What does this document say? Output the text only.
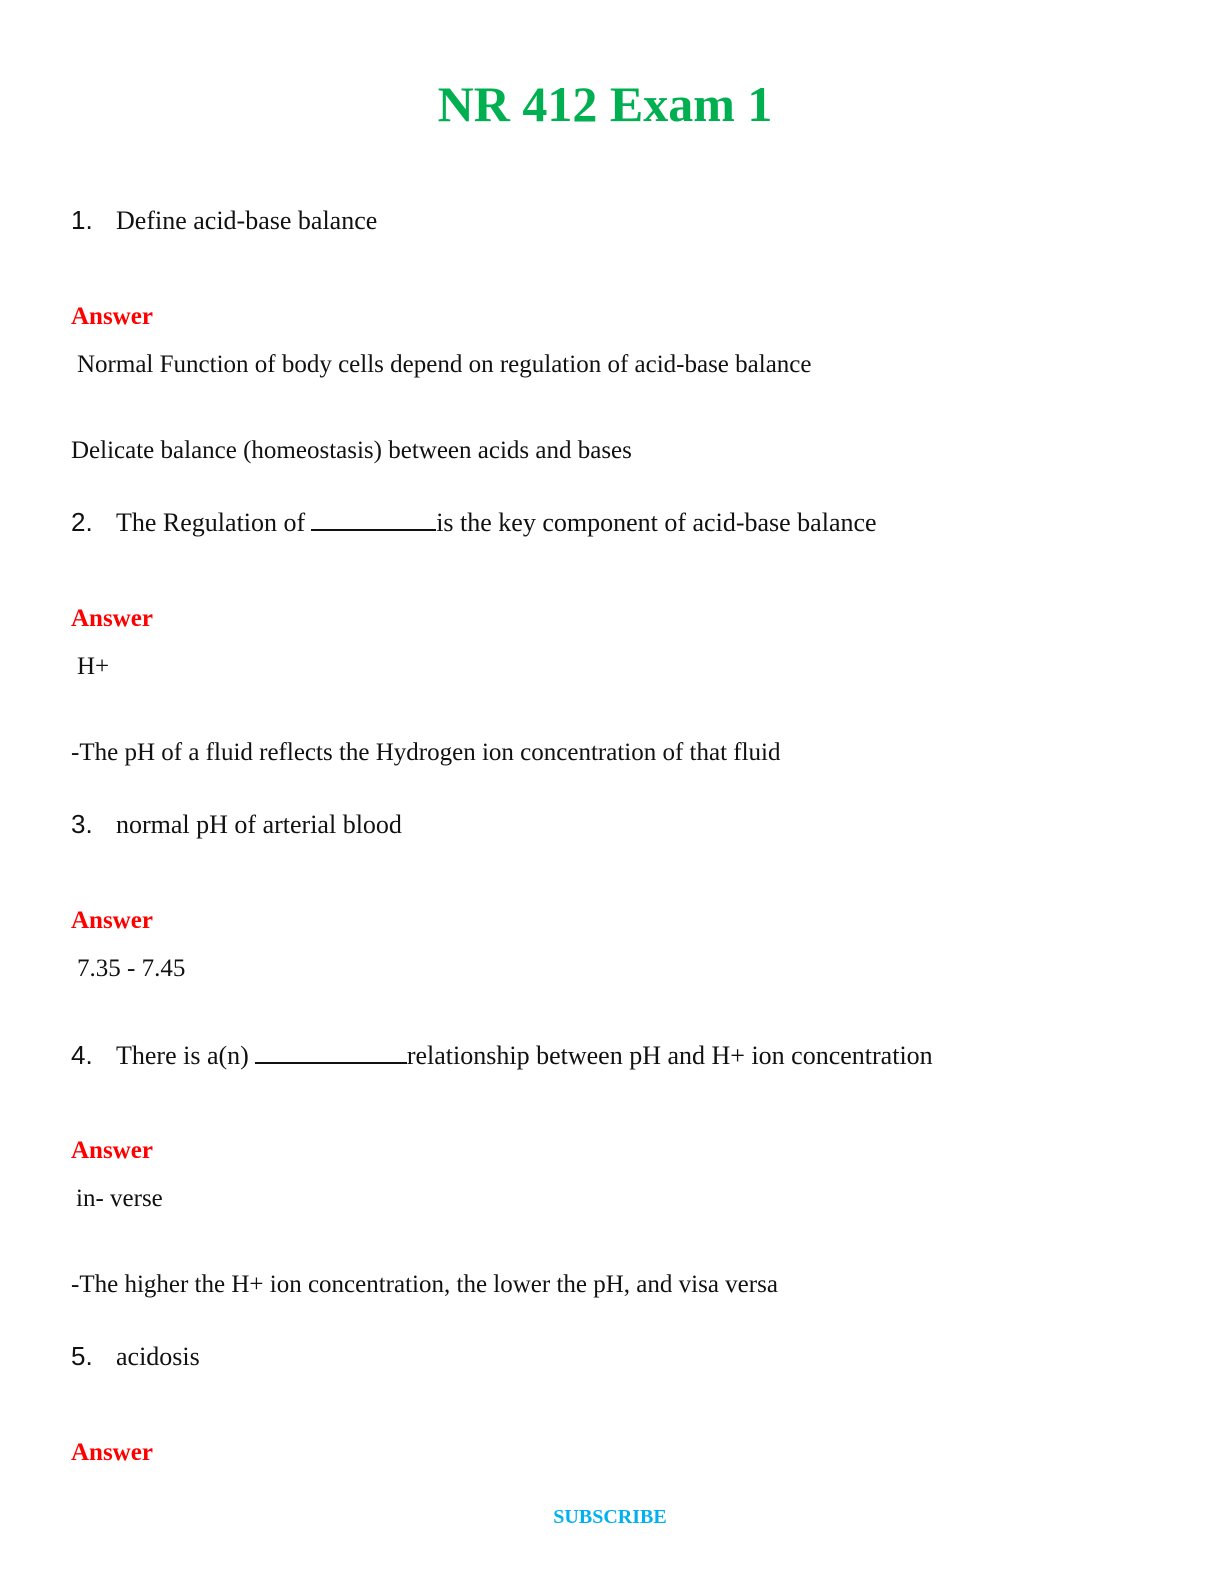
NR 412 Exam 1
1. Define acid-base balance
Answer
Normal Function of body cells depend on regulation of acid-base balance
Delicate balance (homeostasis) between acids and bases
2. The Regulation of	is the key component of acid-base balance
Answer
H+
-The pH of a fluid reflects the Hydrogen ion concentration of that fluid
3. normal pH of arterial blood
Answer
7.35 - 7.45
4. There is a(n)	relationship between pH and H+ ion concentration
Answer
in- verse
-The higher the H+ ion concentration, the lower the pH, and visa versa
5. acidosis
Answer
SUBSCRIBE
